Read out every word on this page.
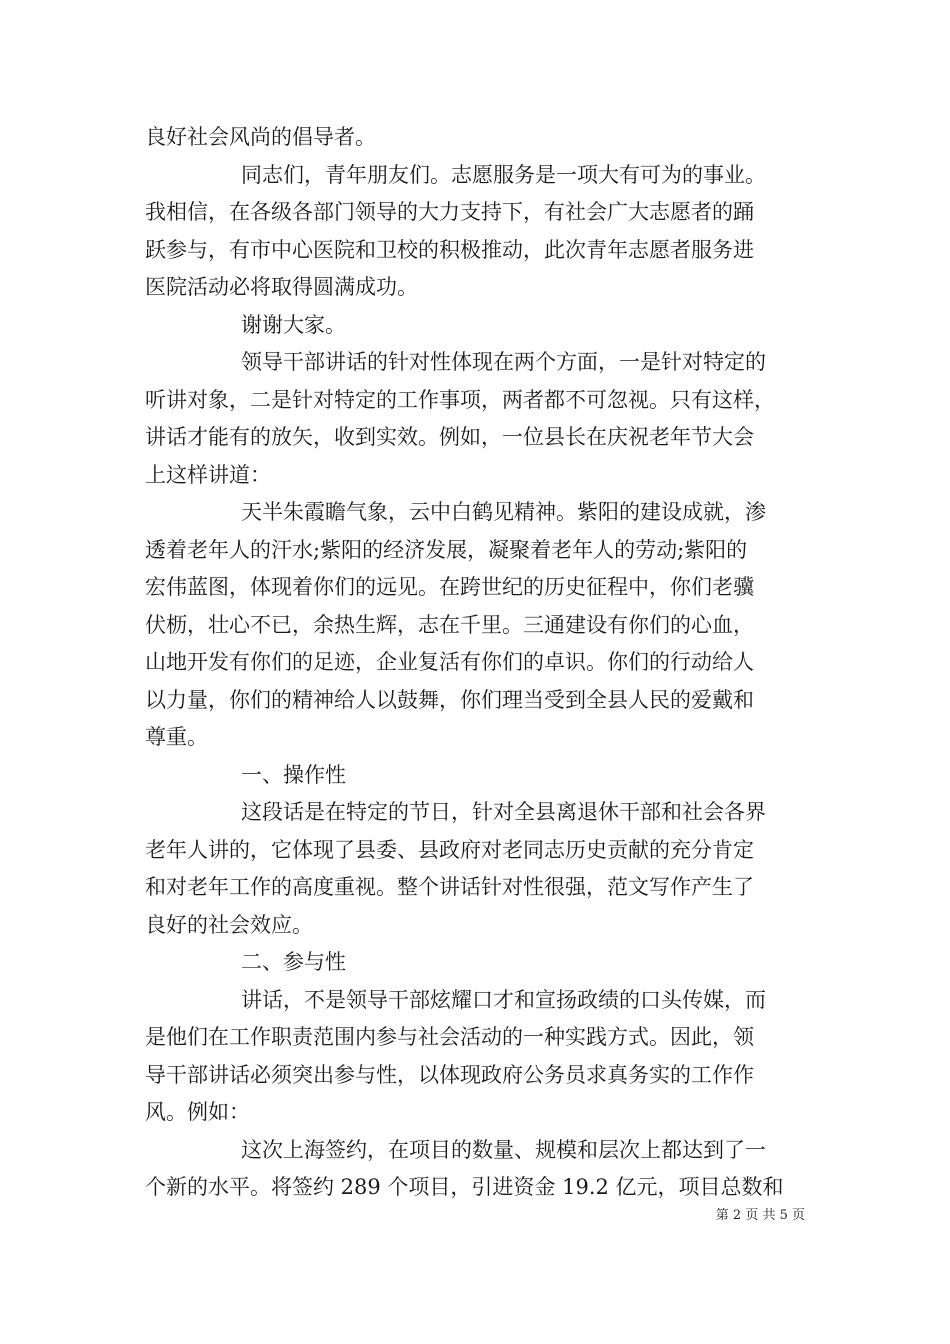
良好社会风尚的倡导者。
同志们，青年朋友们。志愿服务是一项大有可为的事业。
我相信，在各级各部门领导的大力支持下，有社会广大志愿者的踊
跃参与，有市中心医院和卫校的积极推动，此次青年志愿者服务进
医院活动必将取得圆满成功。
谢谢大家。
领导干部讲话的针对性体现在两个方面，一是针对特定的
听讲对象，二是针对特定的工作事项，两者都不可忽视。只有这样，
讲话才能有的放矢，收到实效。例如，一位县长在庆祝老年节大会
上这样讲道：
天半朱霞瞻气象，云中白鹤见精神。紫阳的建设成就，渗
透着老年人的汗水;紫阳的经济发展，凝聚着老年人的劳动;紫阳的
宏伟蓝图，体现着你们的远见。在跨世纪的历史征程中，你们老骥
伏枥，壮心不已，余热生辉，志在千里。三通建设有你们的心血，
山地开发有你们的足迹，企业复活有你们的卓识。你们的行动给人
以力量，你们的精神给人以鼓舞，你们理当受到全县人民的爱戴和
尊重。
一、操作性
这段话是在特定的节日，针对全县离退休干部和社会各界
老年人讲的，它体现了县委、县政府对老同志历史贡献的充分肯定
和对老年工作的高度重视。整个讲话针对性很强，范文写作产生了
良好的社会效应。
二、参与性
讲话，不是领导干部炫耀口才和宣扬政绩的口头传媒，而
是他们在工作职责范围内参与社会活动的一种实践方式。因此，领
导干部讲话必须突出参与性，以体现政府公务员求真务实的工作作
风。例如：
这次上海签约，在项目的数量、规模和层次上都达到了一
个新的水平。将签约 289 个项目，引进资金 19.2 亿元，项目总数和
第 2 页 共 5 页
